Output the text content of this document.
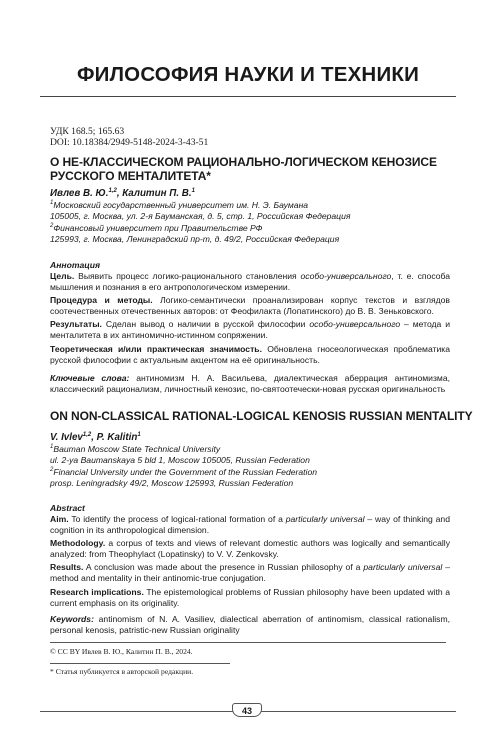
ФИЛОСОФИЯ НАУКИ И ТЕХНИКИ
УДК 168.5; 165.63
DOI: 10.18384/2949-5148-2024-3-43-51
О НЕ-КЛАССИЧЕСКОМ РАЦИОНАЛЬНО-ЛОГИЧЕСКОМ КЕНОЗИСЕ
РУССКОГО МЕНТАЛИТЕТА*
Ивлев В. Ю.$^{1,2}$, Калитин П. В.$^1$
$^1$Московский государственный университет им. Н. Э. Баумана
105005, г. Москва, ул. 2-я Бауманская, д. 5, стр. 1, Российская Федерация
$^2$Финансовый университет при Правительстве РФ
125993, г. Москва, Ленинградский пр-т, д. 49/2, Российская Федерация
Аннотация
Цель. Выявить процесс логико-рационального становления особо-универсального, т. е. способа мышления и познания в его антропологическом измерении.
Процедура и методы. Логико-семантически проанализирован корпус текстов и взглядов соотечественных отечественных авторов: от Феофилакта (Лопатинского) до В. В. Зеньковского.
Результаты. Сделан вывод о наличии в русской философии особо-универсального – метода и менталитета в их антиномично-истинном сопряжении.
Теоретическая и/или практическая значимость. Обновлена гносеологическая проблематика русской философии с актуальным акцентом на её оригинальность.
Ключевые слова: антиномизм Н. А. Васильева, диалектическая аберрация антиномизма, классический рационализм, личностный кенозис, по-святоотечески-новая русская оригинальность
ON NON-CLASSICAL RATIONAL-LOGICAL KENOSIS RUSSIAN MENTALITY
V. Ivlev$^{1,2}$, P. Kalitin$^1$
$^1$Bauman Moscow State Technical University
ul. 2-ya Baumanskaya 5 bld 1, Moscow 105005, Russian Federation
$^2$Financial University under the Government of the Russian Federation
prosp. Leningradsky 49/2, Moscow 125993, Russian Federation
Abstract
Aim. To identify the process of logical-rational formation of a particularly universal – way of thinking and cognition in its anthropological dimension.
Methodology. a corpus of texts and views of relevant domestic authors was logically and semantically analyzed: from Theophylact (Lopatinsky) to V. V. Zenkovsky.
Results. A conclusion was made about the presence in Russian philosophy of a particularly universal – method and mentality in their antinomic-true conjugation.
Research implications. The epistemological problems of Russian philosophy have been updated with a current emphasis on its originality.
Keywords: antinomism of N. A. Vasiliev, dialectical aberration of antinomism, classical rationalism, personal kenosis, patristic-new Russian originality
© CC BY Ивлев В. Ю., Калитин П. В., 2024.
* Статья публикуется в авторской редакции.
43
